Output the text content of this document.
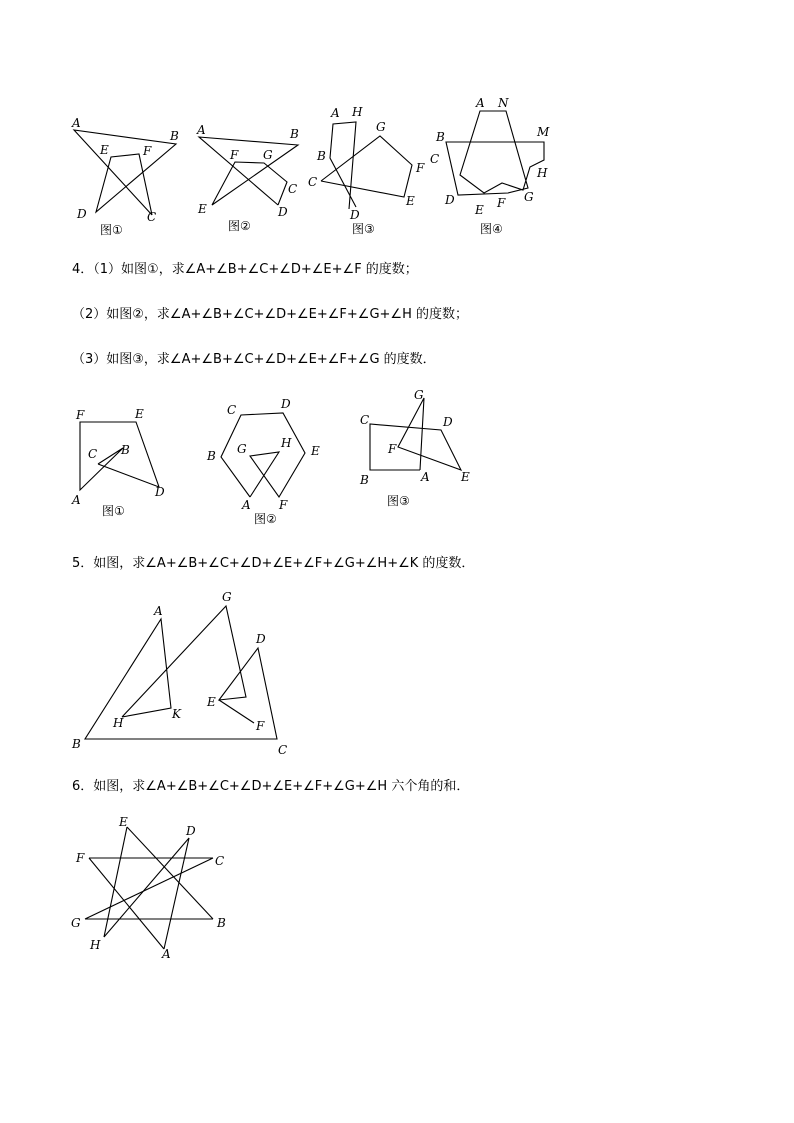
A
B
E	F
D	C
图①
A	B
F G
C
E	D
图②
A H
G
B
F
C
E
D
图③
A N
B	M
C
H
D
E F G
图④
F	E
C B
A
D
图①
C	D
G	H
B	E
A F
图②
G
C	D
F
B	A	E
图③
A
G
D
E
H
K
F
B	C
E
D
F	C
G	B
H
A
4．（1）如图①，求∠A+∠B+∠C+∠D+∠E+∠F 的度数；
（2）如图②，求∠A+∠B+∠C+∠D+∠E+∠F+∠G+∠H 的度数；
（3）如图③，求∠A+∠B+∠C+∠D+∠E+∠F+∠G 的度数．
5．如图，求∠A+∠B+∠C+∠D+∠E+∠F+∠G+∠H+∠K 的度数．
6．如图，求∠A+∠B+∠C+∠D+∠E+∠F+∠G+∠H 六个角的和．
